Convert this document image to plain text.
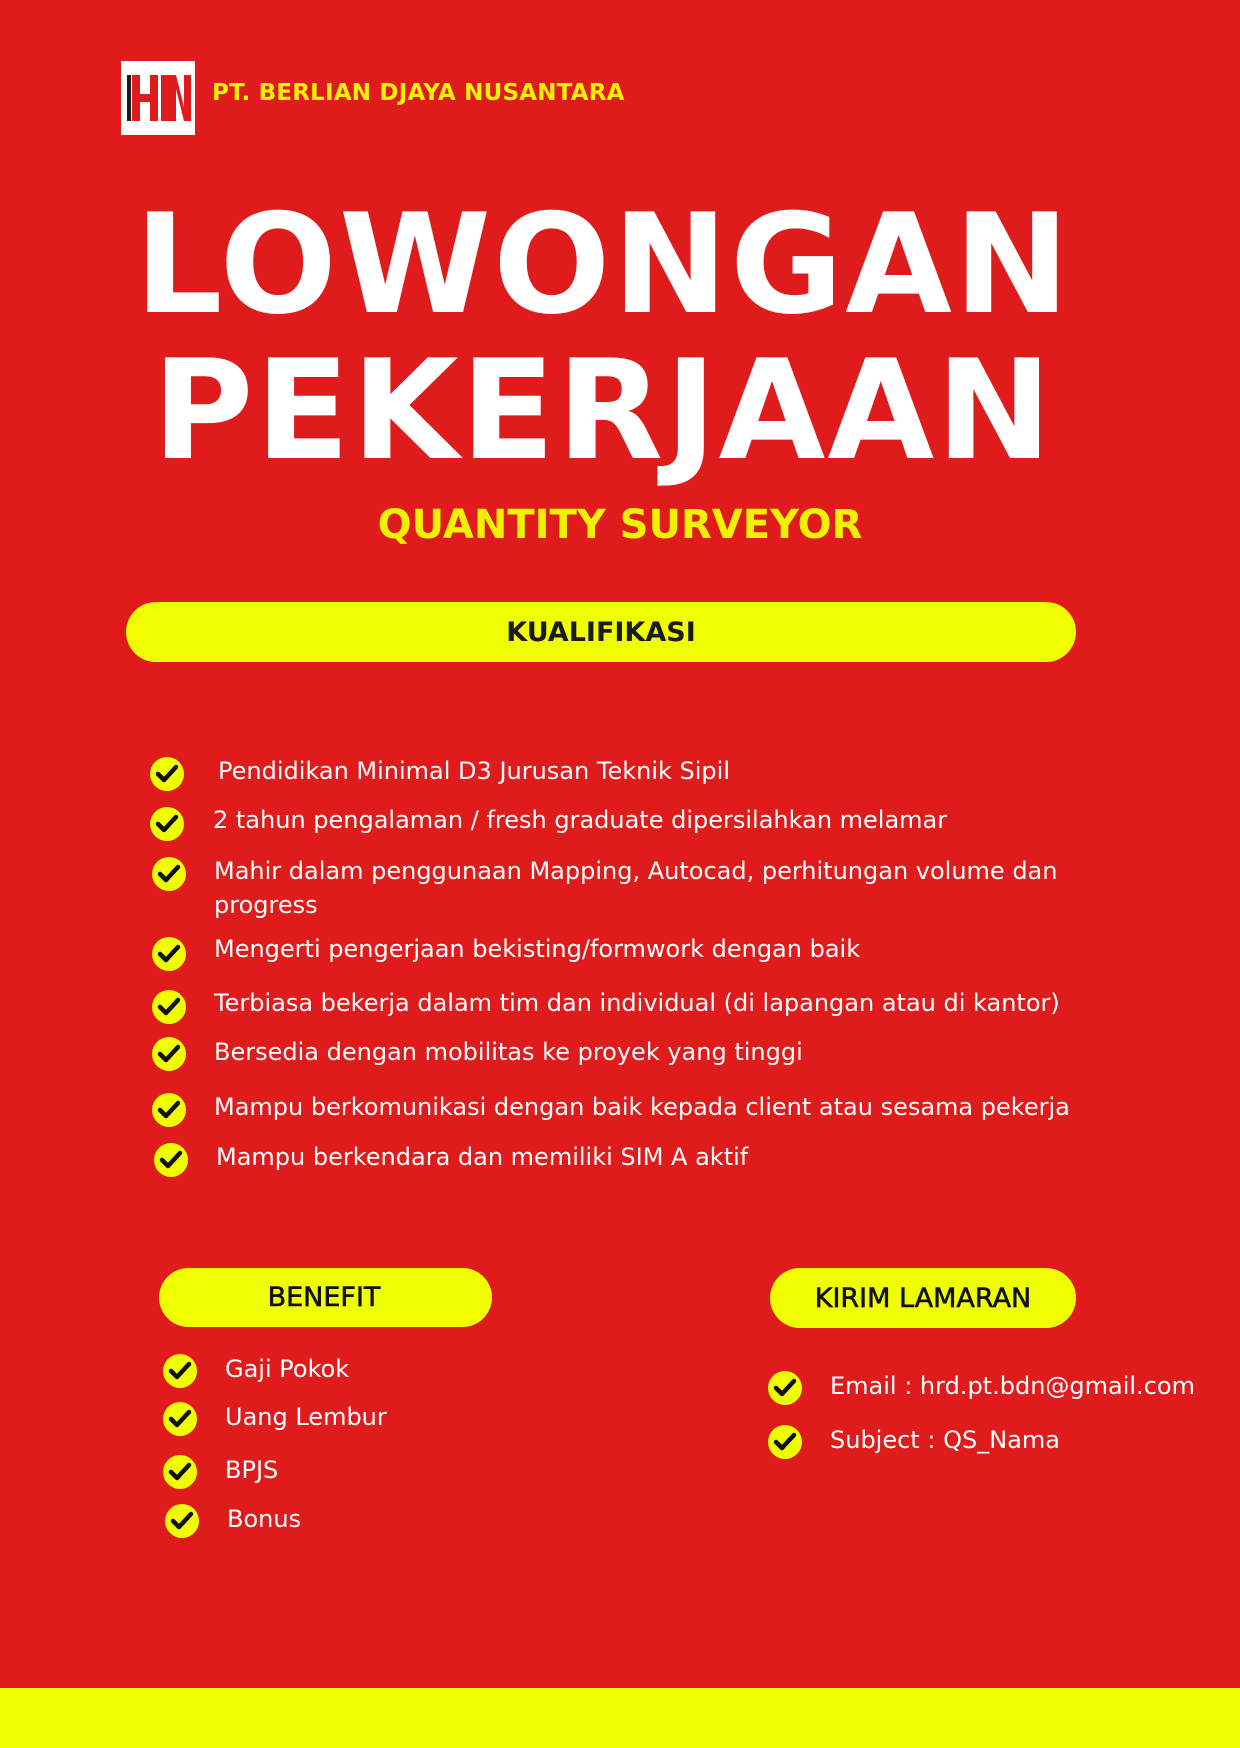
PT. BERLIAN DJAYA NUSANTARA
LOWONGAN
PEKERJAAN
QUANTITY SURVEYOR
KUALIFIKASI
Pendidikan Minimal D3 Jurusan Teknik Sipil
2 tahun pengalaman / fresh graduate dipersilahkan melamar
Mahir dalam penggunaan Mapping, Autocad, perhitungan volume dan
progress
Mengerti pengerjaan bekisting/formwork dengan baik
Terbiasa bekerja dalam tim dan individual (di lapangan atau di kantor)
Bersedia dengan mobilitas ke proyek yang tinggi
Mampu berkomunikasi dengan baik kepada client atau sesama pekerja
Mampu berkendara dan memiliki SIM A aktif
BENEFIT
Gaji Pokok
Uang Lembur
BPJS
Bonus
KIRIM LAMARAN
Email : hrd.pt.bdn@gmail.com
Subject : QS_Nama
